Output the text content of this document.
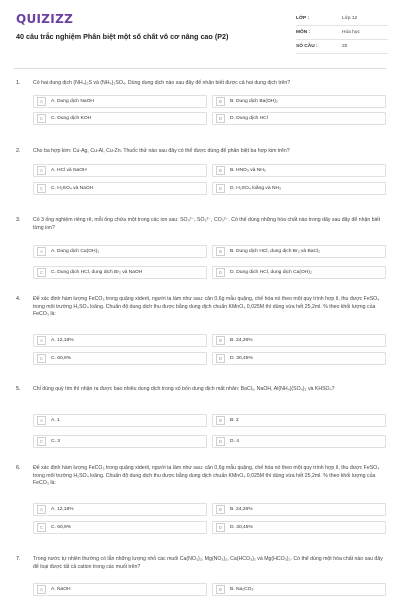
QUIZIZZ
40 câu trắc nghiệm Phân biệt một số chất vô cơ nâng cao (P2)
LỚP :	Lớp 12
MÔN :	Hóa học
SỐ CÂU :	20
1. Có hai dung dịch (NH₄)₂S và (NH₄)₂SO₄. Dùng dung dịch nào sau đây để nhận biết được cả hai dung dịch trên?
A	A. Dung dịch NaOH	B	B. Dung dịch Ba(OH)₂
C	C. Dung dịch KOH	D	D. Dung dịch HCl
2. Cho ba hợp kim: Cu-Ag, Cu-Al, Cu-Zn. Thuốc thử nào sau đây có thể được dùng để phân biệt ba hợp kim trên?
A	A. HCl và NaOH	B	B. HNO₃ và NH₃
C	C. H₂SO₄ và NaOH	D	D. H₂SO₄ loãng và NH₃
3. Có 3 ống nghiệm riêng rẽ, mỗi ống chứa một trong các ion sau: SO₄²⁻, SO₃²⁻, CO₃²⁻. Có thể dùng những hóa chất nào trong dãy sau đây để nhận biết từng ion?
A	A. Dung dịch Ca(OH)₂	B	B. Dung dịch HCl, dung dịch Br₂ và BaCl₂
C	C. Dung dịch HCl, dung dịch Br₂ và NaOH	D	D. Dung dịch HCl, dung dịch Ca(OH)₂
4. Để xác định hàm lượng FeCO₃ trong quặng xiderit, người ta làm như sau: cân 0,6g mẫu quặng, chế hóa nó theo một quy trình hợp lí, thu được FeSO₄ trong môi trường H₂SO₄ loãng. Chuẩn độ dung dịch thu được bằng dung dịch chuẩn KMnO₄ 0,025M thì dùng vừa hết 25,2ml. % theo khối lượng của FeCO₃ là:
A	A. 12,18%	B	B. 24,26%
C	C. 60,9%	D	D. 30,45%
5. Chỉ dùng quỳ tím thì nhận ra được bao nhiêu dung dịch trong số bốn dung dịch mất nhãn: BaCl₂, NaOH, Al(NH₄)(SO₄)₂ và KHSO₄?
A	A. 1	B	B. 2
C	C. 3	D	D. 4
6. Để xác định hàm lượng FeCO₃ trong quặng xiderit, người ta làm như sau: cân 0,6g mẫu quặng, chế hóa nó theo một quy trình hợp lí, thu được FeSO₄ trong môi trường H₂SO₄ loãng. Chuẩn độ dung dịch thu được bằng dung dịch chuẩn KMnO₄ 0,025M thì dùng vừa hết 25,2ml. % theo khối lượng của FeCO₃ là:
A	A. 12,18%	B	B. 24,26%
C	C. 60,9%	D	D. 30,45%
7. Trong nước tự nhiên thường có lẫn những lượng nhỏ các muối Ca(NO₃)₂, Mg(NO₃)₂, Ca(HCO₃)₂ và Mg(HCO₃)₂. Có thể dùng một hóa chất nào sau đây để loại được tất cả cation trong các muối trên?
A	A. NaOH	B	B. Na₂CO₃
